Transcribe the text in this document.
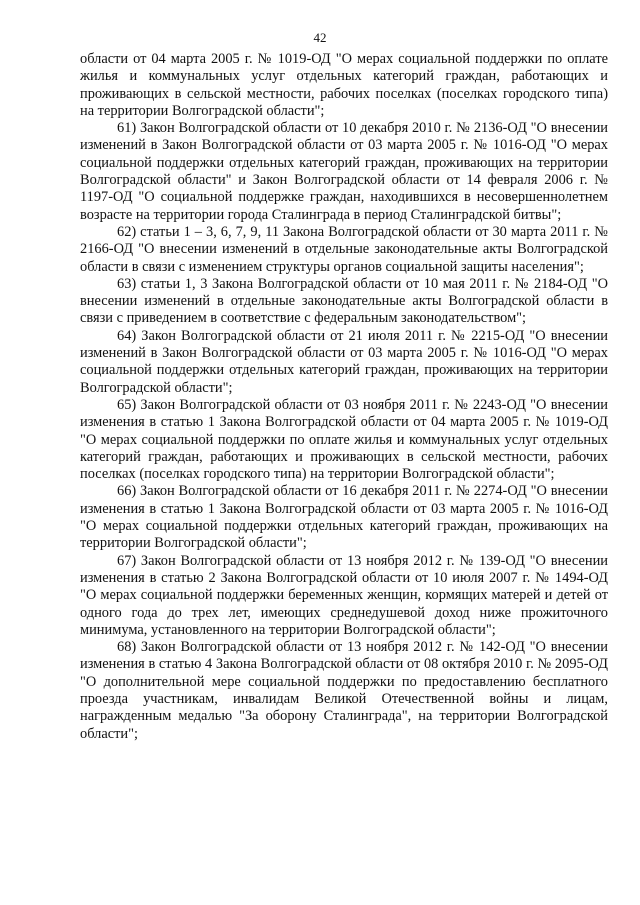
42

области от 04 марта 2005 г. № 1019-ОД "О мерах социальной поддержки по оплате жилья и коммунальных услуг отдельных категорий граждан, работающих и проживающих в сельской местности, рабочих поселках (поселках городского типа) на территории Волгоградской области";

61) Закон Волгоградской области от 10 декабря 2010 г. № 2136-ОД "О внесении изменений в Закон Волгоградской области от 03 марта 2005 г. № 1016-ОД "О мерах социальной поддержки отдельных категорий граждан, проживающих на территории Волгоградской области" и Закон Волгоградской области от 14 февраля 2006 г. № 1197-ОД "О социальной поддержке граждан, находившихся в несовершеннолетнем возрасте на территории города Сталинграда в период Сталинградской битвы";

62) статьи 1 – 3, 6, 7, 9, 11 Закона Волгоградской области от 30 марта 2011 г. № 2166-ОД "О внесении изменений в отдельные законодательные акты Волгоградской области в связи с изменением структуры органов социальной защиты населения";

63) статьи 1, 3 Закона Волгоградской области от 10 мая 2011 г. № 2184-ОД "О внесении изменений в отдельные законодательные акты Волгоградской области в связи с приведением в соответствие с федеральным законодательством";

64) Закон Волгоградской области от 21 июля 2011 г. № 2215-ОД "О внесении изменений в Закон Волгоградской области от 03 марта 2005 г. № 1016-ОД "О мерах социальной поддержки отдельных категорий граждан, проживающих на территории Волгоградской области";

65) Закон Волгоградской области от 03 ноября 2011 г. № 2243-ОД "О внесении изменения в статью 1 Закона Волгоградской области от 04 марта 2005 г. № 1019-ОД "О мерах социальной поддержки по оплате жилья и коммунальных услуг отдельных категорий граждан, работающих и проживающих в сельской местности, рабочих поселках (поселках городского типа) на территории Волгоградской области";

66) Закон Волгоградской области от 16 декабря 2011 г. № 2274-ОД "О внесении изменения в статью 1 Закона Волгоградской области от 03 марта 2005 г. № 1016-ОД "О мерах социальной поддержки отдельных категорий граждан, проживающих на территории Волгоградской области";

67) Закон Волгоградской области от 13 ноября 2012 г. № 139-ОД "О внесении изменения в статью 2 Закона Волгоградской области от 10 июля 2007 г. № 1494-ОД "О мерах социальной поддержки беременных женщин, кормящих матерей и детей от одного года до трех лет, имеющих среднедушевой доход ниже прожиточного минимума, установленного на территории Волгоградской области";

68) Закон Волгоградской области от 13 ноября 2012 г. № 142-ОД "О внесении изменения в статью 4 Закона Волгоградской области от 08 октября 2010 г. № 2095-ОД "О дополнительной мере социальной поддержки по предоставлению бесплатного проезда участникам, инвалидам Великой Отечественной войны и лицам, награжденным медалью "За оборону Сталинграда", на территории Волгоградской области";
